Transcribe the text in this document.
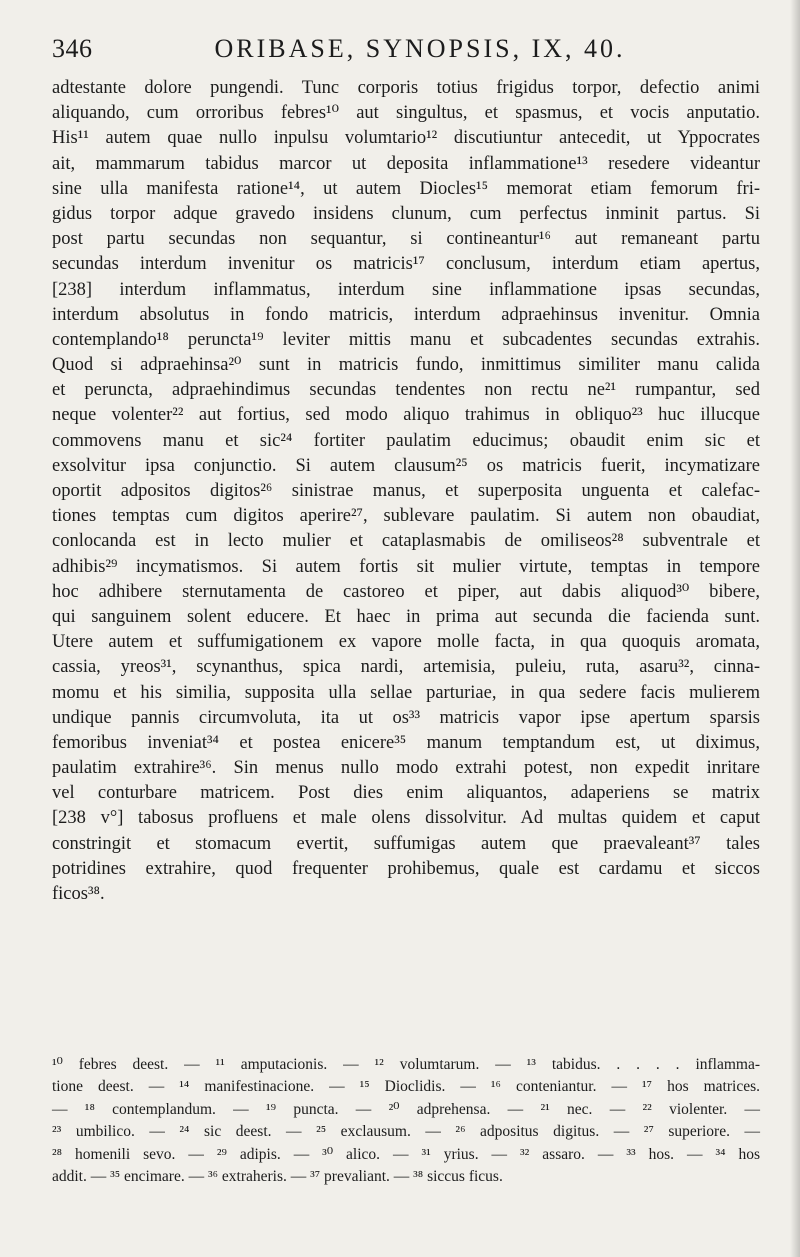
346	ORIBASE, SYNOPSIS, IX, 40.
adtestante dolore pungendi. Tunc corporis totius frigidus torpor, defectio animi
aliquando, cum orroribus febres¹⁰ aut singultus, et spasmus, et vocis anputatio.
His¹¹ autem quae nullo inpulsu volumtario¹² discutiuntur antecedit, ut Yppocrates
ait, mammarum tabidus marcor ut deposita inflammatione¹³ resedere videantur
sine ulla manifesta ratione¹⁴, ut autem Diocles¹⁵ memorat etiam femorum fri-
gidus torpor adque gravedo insidens clunum, cum perfectus inminit partus. Si
post partu secundas non sequantur, si contineantur¹⁶ aut remaneant partu
secundas interdum invenitur os matricis¹⁷ conclusum, interdum etiam apertus,
[238] interdum inflammatus, interdum sine inflammatione ipsas secundas,
interdum absolutus in fondo matricis, interdum adpraehinsus invenitur. Omnia
contemplando¹⁸ peruncta¹⁹ leviter mittis manu et subcadentes secundas extrahis.
Quod si adpraehinsa²⁰ sunt in matricis fundo, inmittimus similiter manu calida
et peruncta, adpraehindimus secundas tendentes non rectu ne²¹ rumpantur, sed
neque volenter²² aut fortius, sed modo aliquo trahimus in obliquo²³ huc illucque
commovens manu et sic²⁴ fortiter paulatim educimus; obaudit enim sic et
exsolvitur ipsa conjunctio. Si autem clausum²⁵ os matricis fuerit, incymatizare
oportit adpositos digitos²⁶ sinistrae manus, et superposita unguenta et calefac-
tiones temptas cum digitos aperire²⁷, sublevare paulatim. Si autem non obaudiat,
conlocanda est in lecto mulier et cataplasmabis de omiliseos²⁸ subventrale et
adhibis²⁹ incymatismos. Si autem fortis sit mulier virtute, temptas in tempore
hoc adhibere sternutamenta de castoreo et piper, aut dabis aliquod³⁰ bibere,
qui sanguinem solent educere. Et haec in prima aut secunda die facienda sunt.
Utere autem et suffumigationem ex vapore molle facta, in qua quoquis aromata,
cassia, yreos³¹, scynanthus, spica nardi, artemisia, puleiu, ruta, asaru³², cinna-
momu et his similia, supposita ulla sellae parturiae, in qua sedere facis mulierem
undique pannis circumvoluta, ita ut os³³ matricis vapor ipse apertum sparsis
femoribus inveniat³⁴ et postea enicere³⁵ manum temptandum est, ut diximus,
paulatim extrahire³⁶. Sin menus nullo modo extrahi potest, non expedit inritare
vel conturbare matricem. Post dies enim aliquantos, adaperiens se matrix
[238 v°] tabosus profluens et male olens dissolvitur. Ad multas quidem et caput
constringit et stomacum evertit, suffumigas autem que praevaleant³⁷ tales
potridines extrahire, quod frequenter prohibemus, quale est cardamu et siccos
ficos³⁸.
¹⁰ febres deest. — ¹¹ amputacionis. — ¹² volumtarum. — ¹³ tabidus. . . . . inflamma-
tione deest. — ¹⁴ manifestinacione. — ¹⁵ Dioclidis. — ¹⁶ conteniantur. — ¹⁷ hos matrices.
— ¹⁸ contemplandum. — ¹⁹ puncta. — ²⁰ adprehensa. — ²¹ nec. — ²² violenter. —
²³ umbilico. — ²⁴ sic deest. — ²⁵ exclausum. — ²⁶ adpositus digitus. — ²⁷ superiore. —
²⁸ homenili sevo. — ²⁹ adipis. — ³⁰ alico. — ³¹ yrius. — ³² assaro. — ³³ hos. — ³⁴ hos
addit. — ³⁵ encimare. — ³⁶ extraheris. — ³⁷ prevaliant. — ³⁸ siccus ficus.
